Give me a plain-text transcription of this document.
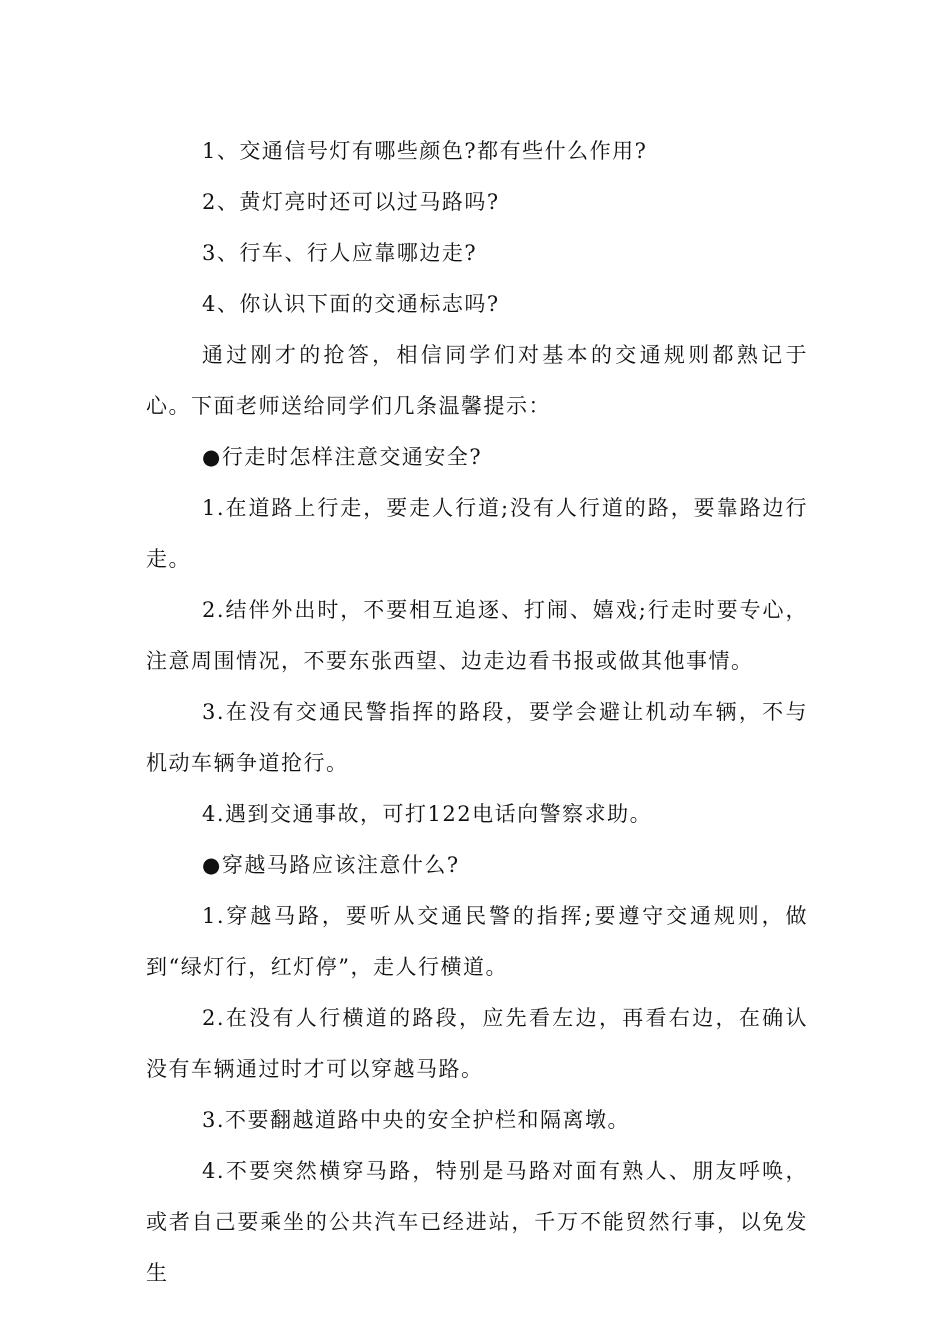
1、交通信号灯有哪些颜色?都有些什么作用?

2、黄灯亮时还可以过马路吗?

3、行车、行人应靠哪边走?

4、你认识下面的交通标志吗?

通过刚才的抢答，相信同学们对基本的交通规则都熟记于心。下面老师送给同学们几条温馨提示：

●行走时怎样注意交通安全?

1.在道路上行走，要走人行道;没有人行道的路，要靠路边行走。

2.结伴外出时，不要相互追逐、打闹、嬉戏;行走时要专心，注意周围情况，不要东张西望、边走边看书报或做其他事情。

3.在没有交通民警指挥的路段，要学会避让机动车辆，不与机动车辆争道抢行。

4.遇到交通事故，可打122电话向警察求助。

●穿越马路应该注意什么?

1.穿越马路，要听从交通民警的指挥;要遵守交通规则，做到“绿灯行，红灯停”，走人行横道。

2.在没有人行横道的路段，应先看左边，再看右边，在确认没有车辆通过时才可以穿越马路。

3.不要翻越道路中央的安全护栏和隔离墩。

4.不要突然横穿马路，特别是马路对面有熟人、朋友呼唤，或者自己要乘坐的公共汽车已经进站，千万不能贸然行事，以免发生
